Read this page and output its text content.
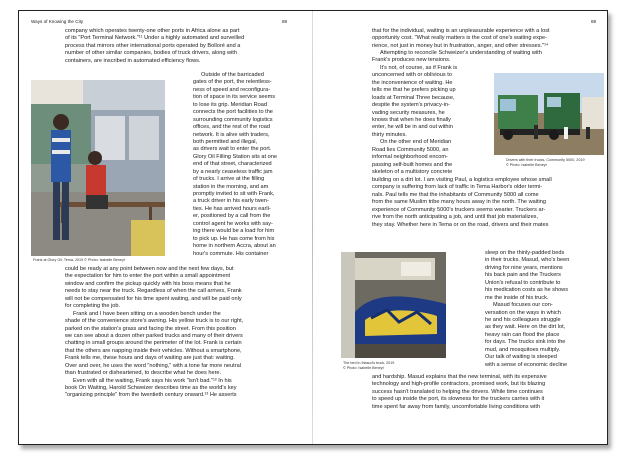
Ways of Knowing the City	88
company which operates twenty-one other ports in Africa alone as part
of its "Port Terminal Network."¹¹ Under a highly automated and surveilled
process that mirrors other international ports operated by Bolloré and a
number of other similar companies, bodies of truck drivers, along with
containers, are inscribed in automated efficiency flows.
Frank at Glory Oil, Tema, 2019 © Photo: Isabelle Beneyt
Outside of the barricaded
gates of the port, the relentless-
ness of speed and reconfigura-
tion of space in its service seems
to lose its grip. Meridian Road
connects the port facilities to the
surrounding community logistics
offices, and the rest of the road
network. It is alive with traders,
both permitted and illegal,
as drivers wait to enter the port.
Glory Oil Filling Station sits at one
end of that street, characterized
by a nearly ceaseless traffic jam
of trucks. I arrive at the filling
station in the morning, and am
promptly invited to sit with Frank,
a truck driver in his early twen-
ties. He has arrived hours earli-
er, positioned by a call from the
control agent he works with say-
ing there would be a load for him
to pick up. He has come from his
home in northern Accra, about an
hour's commute. His container
could be ready at any point between now and the next few days, but
the expectation for him to enter the port within a small appointment
window and confirm the pickup quickly with his boss means that he
needs to stay near the truck. Regardless of when the call arrives, Frank
will not be compensated for his time spent waiting, and will be paid only
for completing the job.
Frank and I have been sitting on a wooden bench under the
shade of the convenience store's awning. His yellow truck is to our right,
parked on the station's grass and facing the street. From this position
we can see about a dozen other parked trucks and many of their drivers
chatting in small groups around the perimeter of the lot. Frank is certain
that the others are napping inside their vehicles. Without a smartphone,
Frank tells me, these hours and days of waiting are just that: waiting.
Over and over, he uses the word "nothing," with a tone far more neutral
than frustrated or disheartened, to describe what he does here.
Even with all the waiting, Frank says his work "isn't bad."¹² In his
book On Waiting, Harold Schweizer describes time as the world's key
"organizing principle" from the twentieth century onward.¹³ He asserts
89
that for the individual, waiting is an unpleasurable experience with a lost
opportunity cost. "What really matters is the cost of one's waiting expe-
rience, not just in money but in frustration, anger, and other stresses."¹⁴
Attempting to reconcile Schweizer's understanding of waiting with
Frank's produces new tensions.
It's not, of course, as if Frank is
unconcerned with or oblivious to
the inconvenience of waiting. He
tells me that he prefers picking up
loads at Terminal Three because,
despite the system's privacy-in-
vading security measures, he
knows that when he does finally
enter, he will be in and out within
thirty minutes.
On the other end of Meridian
Road lies Community 5000, an
informal neighborhood encom-
passing self-built homes and the
skeleton of a multistory concrete
Drivers with their trucks, Community 5000, 2019
© Photo: Isabelle Beneyt
building on a dirt lot. I am visiting Paul, a logistics employee whose small
company is suffering from lack of traffic in Tema Harbor's older termi-
nals. Paul tells me that the inhabitants of Community 5000 all come
from the same Muslim tribe many hours away in the north. The waiting
experience of Community 5000's truckers seems wearier. Truckers ar-
rive from the north anticipating a job, and until that job materializes,
they stay. Whether here in Tema or on the road, drivers and their mates
The bed in Masud's truck, 2019
© Photo: Isabelle Beneyt
sleep on the thinly-padded beds
in their trucks. Masud, who's been
driving for nine years, mentions
his back pain and the Truckers
Union's refusal to contribute to
his medication costs as he shows
me the inside of his truck.
Masud focuses our con-
versation on the ways in which
he and his colleagues struggle
as they wait. Here on the dirt lot,
heavy rain can flood the place
for days. The trucks sink into the
mud, and mosquitoes multiply.
Our talk of waiting is steeped
with a sense of economic decline
and hardship. Masud explains that the new terminal, with its expensive
technology and high-profile contractors, promised work, but its blazing
success hasn't translated to helping the drivers. While time continues
to speed up inside the port, its slowness for the truckers carries with it
time spent far away from family, uncomfortable living conditions with
